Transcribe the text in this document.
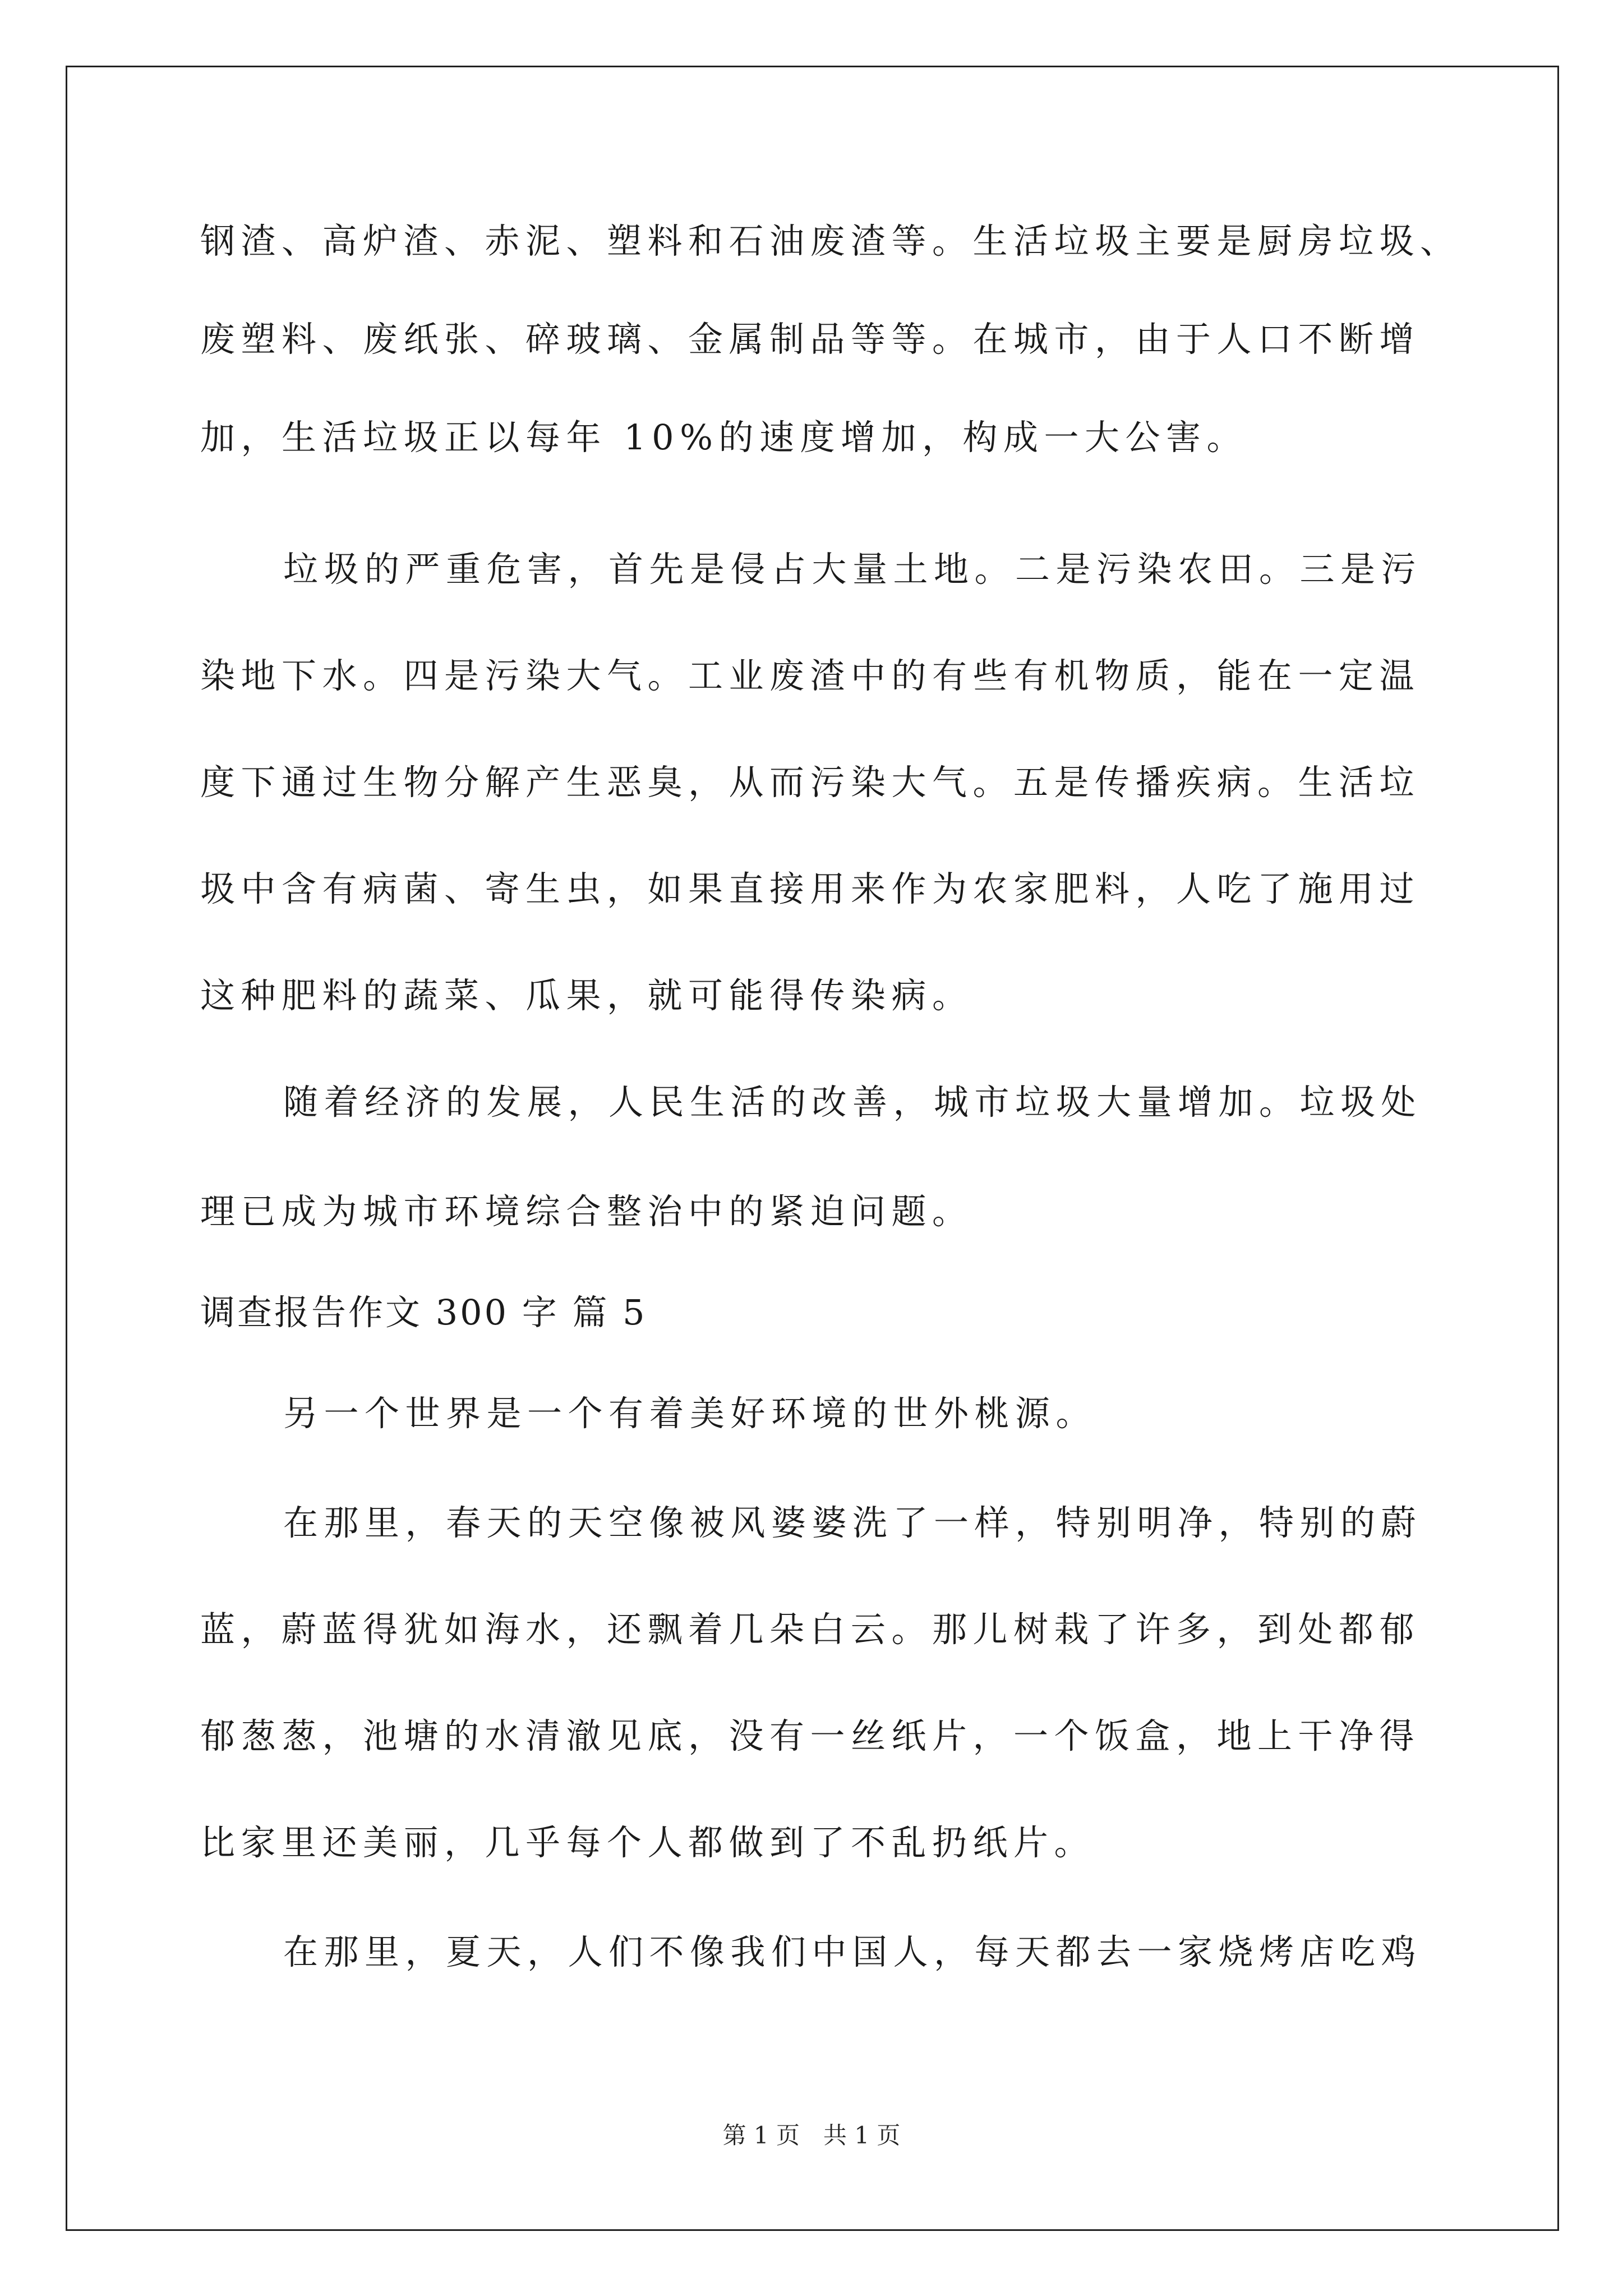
钢渣、高炉渣、赤泥、塑料和石油废渣等。生活垃圾主要是厨房垃圾、
废塑料、废纸张、碎玻璃、金属制品等等。在城市，由于人口不断增
加，生活垃圾正以每年 10%的速度增加，构成一大公害。
垃圾的严重危害，首先是侵占大量土地。二是污染农田。三是污
染地下水。四是污染大气。工业废渣中的有些有机物质，能在一定温
度下通过生物分解产生恶臭，从而污染大气。五是传播疾病。生活垃
圾中含有病菌、寄生虫，如果直接用来作为农家肥料，人吃了施用过
这种肥料的蔬菜、瓜果，就可能得传染病。
随着经济的发展，人民生活的改善，城市垃圾大量增加。垃圾处
理已成为城市环境综合整治中的紧迫问题。
调查报告作文 300 字 篇 5
另一个世界是一个有着美好环境的世外桃源。
在那里，春天的天空像被风婆婆洗了一样，特别明净，特别的蔚
蓝，蔚蓝得犹如海水，还飘着几朵白云。那儿树栽了许多，到处都郁
郁葱葱，池塘的水清澈见底，没有一丝纸片，一个饭盒，地上干净得
比家里还美丽，几乎每个人都做到了不乱扔纸片。
在那里，夏天，人们不像我们中国人，每天都去一家烧烤店吃鸡
第 1 页　共 1 页
